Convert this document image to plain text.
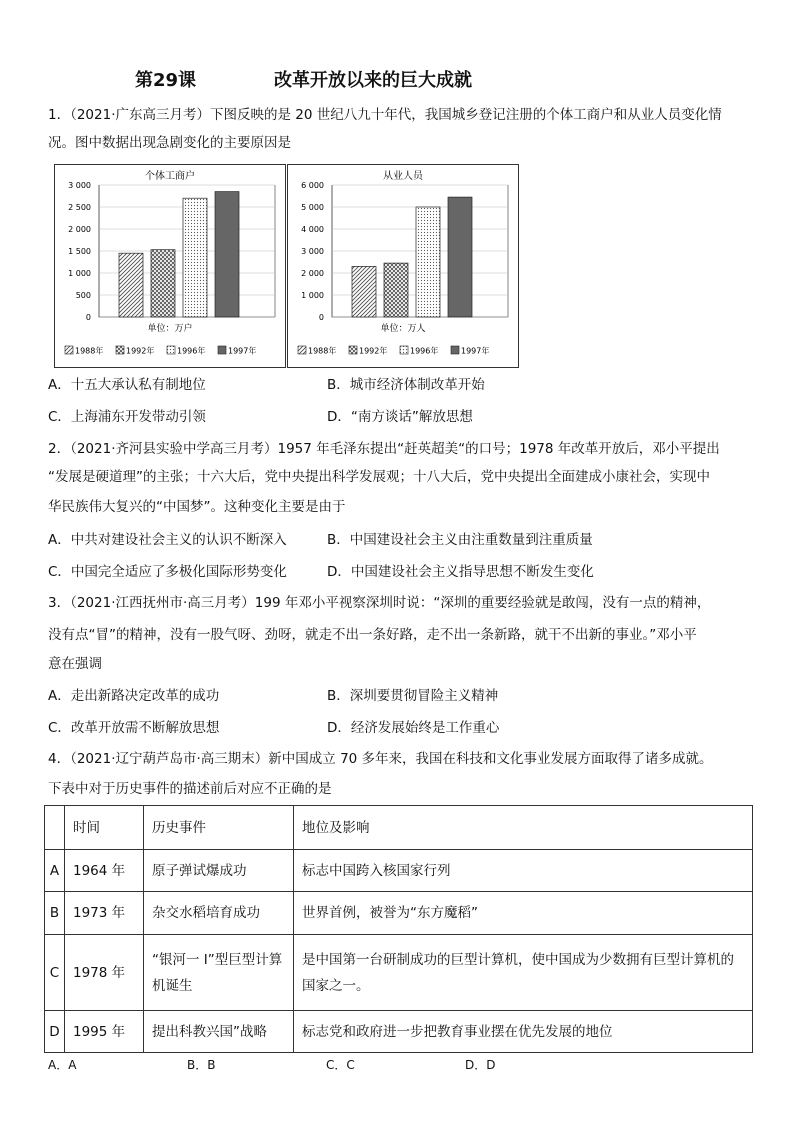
第29课	改革开放以来的巨大成就
1．（2021·广东高三月考）下图反映的是 20 世纪八九十年代，我国城乡登记注册的个体工商户和从业人员变化情
况。图中数据出现急剧变化的主要原因是
个体工商户
0
500
1 000
1 500
2 000
2 500
3 000
单位：万户
1988年	1992年	1996年	1997年
从业人员
0
1 000
2 000
3 000
4 000
5 000
6 000
单位：万人
1988年	1992年	1996年	1997年
A．十五大承认私有制地位	B．城市经济体制改革开始
C．上海浦东开发带动引领	D．“南方谈话”解放思想
2．（2021·齐河县实验中学高三月考）1957 年毛泽东提出“赶英超美“的口号；1978 年改革开放后，邓小平提出
“发展是硬道理”的主张；十六大后，党中央提出科学发展观；十八大后，党中央提出全面建成小康社会，实现中
华民族伟大复兴的“中国梦”。这种变化主要是由于
A．中共对建设社会主义的认识不断深入	B．中国建设社会主义由注重数量到注重质量
C．中国完全适应了多极化国际形势变化	D．中国建设社会主义指导思想不断发生变化
3．（2021·江西抚州市·高三月考）199 年邓小平视察深圳时说：“深圳的重要经验就是敢闯，没有一点的精神，
没有点“冒”的精神，没有一股气呀、劲呀，就走不出一条好路，走不出一条新路，就干不出新的事业。”邓小平
意在强调
A．走出新路决定改革的成功	B．深圳要贯彻冒险主义精神
C．改革开放需不断解放思想	D．经济发展始终是工作重心
4．（2021·辽宁葫芦岛市·高三期末）新中国成立 70 多年来，我国在科技和文化事业发展方面取得了诸多成就。
下表中对于历史事件的描述前后对应不正确的是
	时间	历史事件	地位及影响
A	1964 年	原子弹试爆成功	标志中国跨入核国家行列
B	1973 年	杂交水稻培育成功	世界首例，被誉为“东方魔稻”
C	1978 年	“银河一 I”型巨型计算机诞生	是中国第一台研制成功的巨型计算机，使中国成为少数拥有巨型计算机的国家之一。
D	1995 年	提出科教兴国”战略	标志党和政府进一步把教育事业摆在优先发展的地位
A．A	B．B	C．C	D．D
